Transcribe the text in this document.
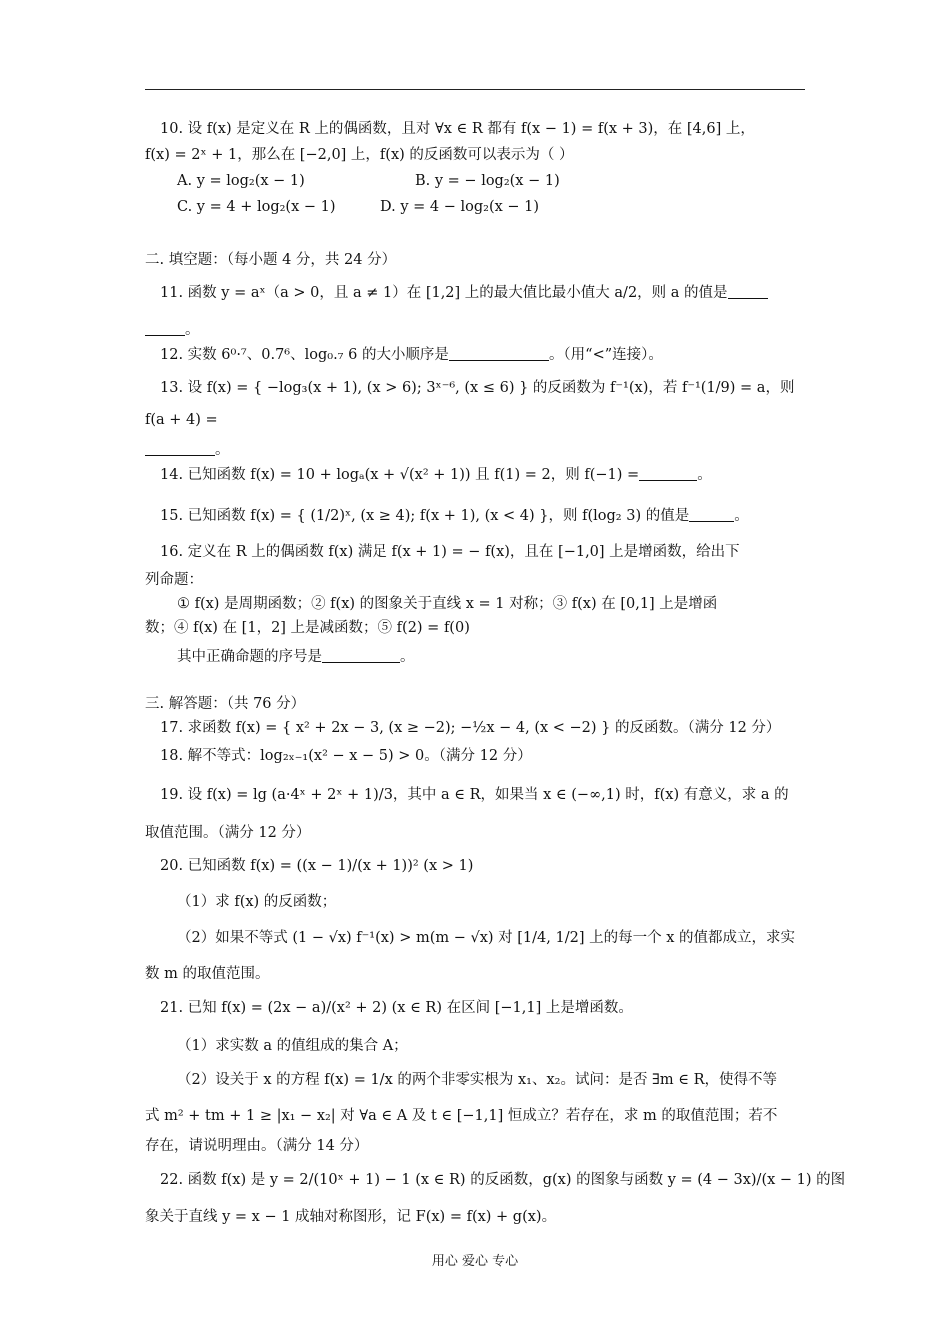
10. 设 f(x) 是定义在 R 上的偶函数，且对 ∀x ∈ R 都有 f(x − 1) = f(x + 3)，在 [4,6] 上，
f(x) = 2ˣ + 1，那么在 [−2,0] 上，f(x) 的反函数可以表示为（ ）
A. y = log₂(x − 1)	B. y = − log₂(x − 1)
C. y = 4 + log₂(x − 1)	D. y = 4 − log₂(x − 1)
二. 填空题：（每小题 4 分，共 24 分）
11. 函数 y = aˣ（a > 0，且 a ≠ 1）在 [1,2] 上的最大值比最小值大 a/2，则 a 的值是
。
12. 实数 6⁰·⁷、0.7⁶、log₀.₇ 6 的大小顺序是	。（用“<”连接）。
13. 设 f(x) = { −log₃(x + 1), (x > 6); 3ˣ⁻⁶, (x ≤ 6) } 的反函数为 f⁻¹(x)，若 f⁻¹(1/9) = a，则
f(a + 4) =
。
14. 已知函数 f(x) = 10 + logₐ(x + √(x² + 1)) 且 f(1) = 2，则 f(−1) =	。
15. 已知函数 f(x) = { (1/2)ˣ, (x ≥ 4); f(x + 1), (x < 4) }，则 f(log₂ 3) 的值是	。
16. 定义在 R 上的偶函数 f(x) 满足 f(x + 1) = − f(x)，且在 [−1,0] 上是增函数，给出下
列命题：
① f(x) 是周期函数；② f(x) 的图象关于直线 x = 1 对称；③ f(x) 在 [0,1] 上是增函
数；④ f(x) 在 [1，2] 上是减函数；⑤ f(2) = f(0)
其中正确命题的序号是	。
三. 解答题：（共 76 分）
17. 求函数 f(x) = { x² + 2x − 3, (x ≥ −2); −½x − 4, (x < −2) } 的反函数。（满分 12 分）
18. 解不等式：log₂ₓ₋₁(x² − x − 5) > 0。（满分 12 分）
19. 设 f(x) = lg (a·4ˣ + 2ˣ + 1)/3，其中 a ∈ R，如果当 x ∈ (−∞,1) 时，f(x) 有意义，求 a 的
取值范围。（满分 12 分）
20. 已知函数 f(x) = ((x − 1)/(x + 1))² (x > 1)
（1）求 f(x) 的反函数；
（2）如果不等式 (1 − √x) f⁻¹(x) > m(m − √x) 对 [1/4, 1/2] 上的每一个 x 的值都成立，求实
数 m 的取值范围。
21. 已知 f(x) = (2x − a)/(x² + 2) (x ∈ R) 在区间 [−1,1] 上是增函数。
（1）求实数 a 的值组成的集合 A；
（2）设关于 x 的方程 f(x) = 1/x 的两个非零实根为 x₁、x₂。试问：是否 ∃m ∈ R，使得不等
式 m² + tm + 1 ≥ |x₁ − x₂| 对 ∀a ∈ A 及 t ∈ [−1,1] 恒成立？若存在，求 m 的取值范围；若不
存在，请说明理由。（满分 14 分）
22. 函数 f(x) 是 y = 2/(10ˣ + 1) − 1 (x ∈ R) 的反函数，g(x) 的图象与函数 y = (4 − 3x)/(x − 1) 的图
象关于直线 y = x − 1 成轴对称图形，记 F(x) = f(x) + g(x)。
用心 爱心 专心
